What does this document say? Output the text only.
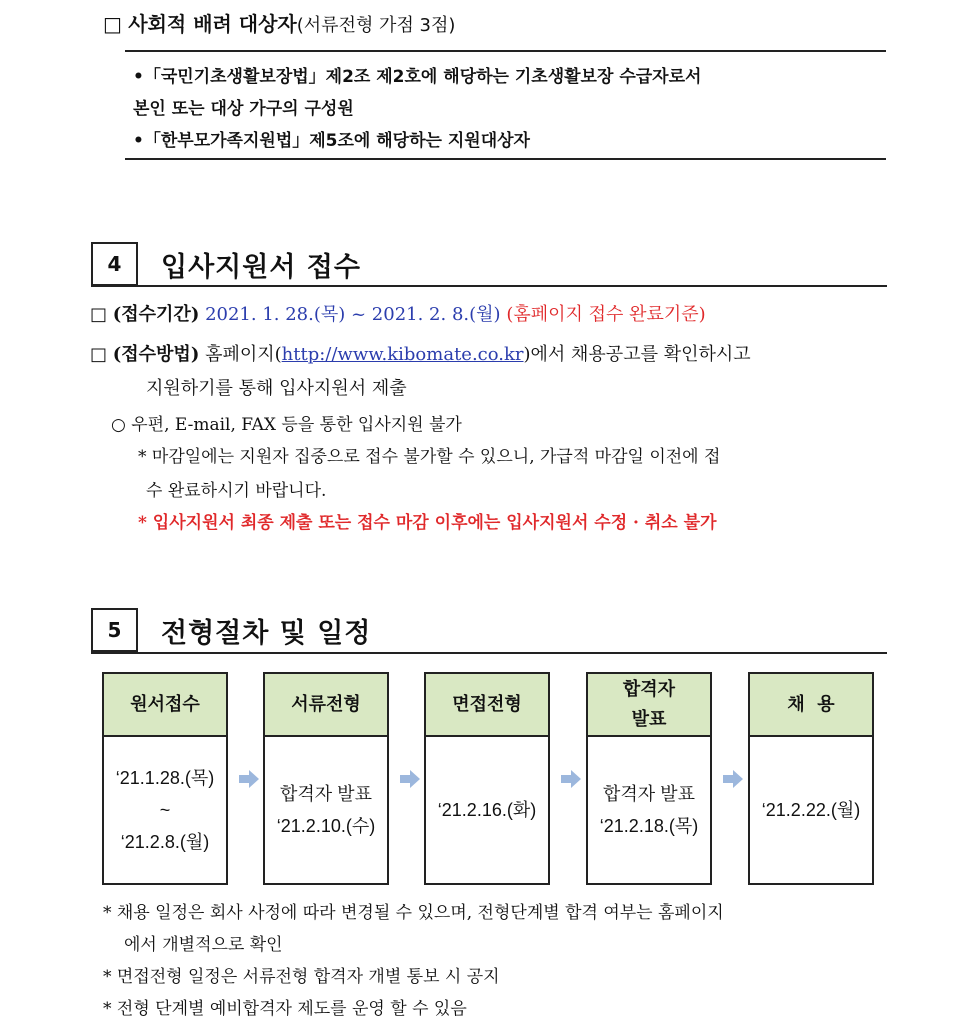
□ 사회적 배려 대상자(서류전형 가점 3점)
•「국민기초생활보장법」제2조 제2호에 해당하는 기초생활보장 수급자로서
본인 또는 대상 가구의 구성원
•「한부모가족지원법」제5조에 해당하는 지원대상자
4	입사지원서 접수
□ (접수기간) 2021. 1. 28.(목) ~ 2021. 2. 8.(월) (홈페이지 접수 완료기준)
□ (접수방법) 홈페이지(http://www.kibomate.co.kr)에서 채용공고를 확인하시고
지원하기를 통해 입사지원서 제출
○ 우편, E-mail, FAX 등을 통한 입사지원 불가
* 마감일에는 지원자 집중으로 접수 불가할 수 있으니, 가급적 마감일 이전에 접
수 완료하시기 바랍니다.
* 입사지원서 최종 제출 또는 접수 마감 이후에는 입사지원서 수정 · 취소 불가
5	전형절차 및 일정
원서접수
‘21.1.28.(목)
~
‘21.2.8.(월)
서류전형
합격자 발표
‘21.2.10.(수)
면접전형
‘21.2.16.(화)
합격자
발표
합격자 발표
‘21.2.18.(목)
채  용
‘21.2.22.(월)
* 채용 일정은 회사 사정에 따라 변경될 수 있으며, 전형단계별 합격 여부는 홈페이지
에서 개별적으로 확인
* 면접전형 일정은 서류전형 합격자 개별 통보 시 공지
* 전형 단계별 예비합격자 제도를 운영 할 수 있음
